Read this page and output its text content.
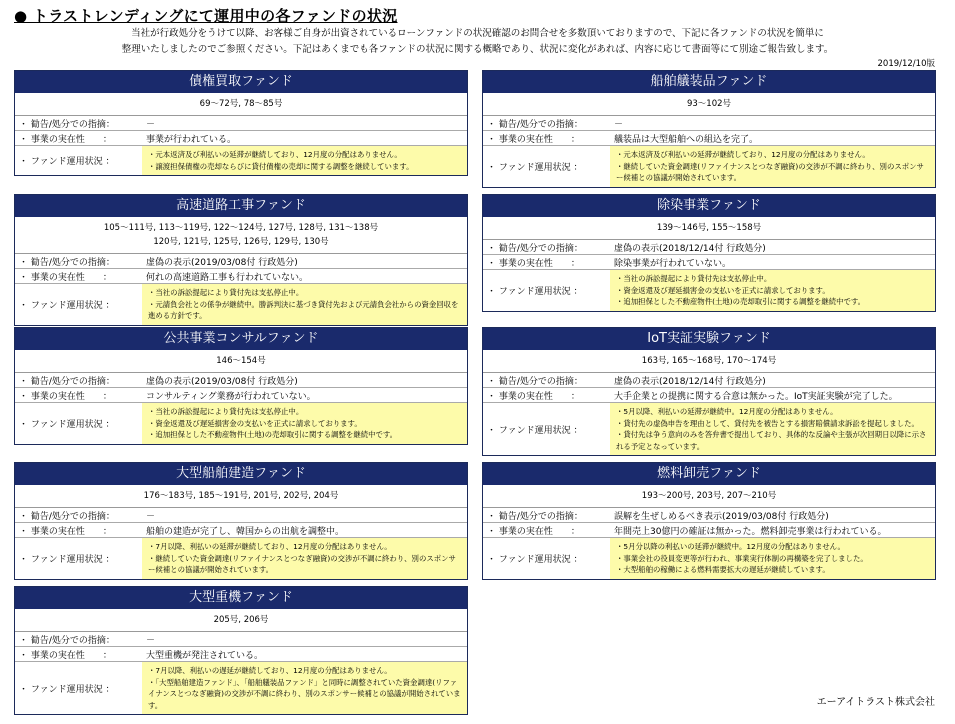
● トラストレンディングにて運用中の各ファンドの状況
当社が行政処分をうけて以降、お客様ご自身が出資されているローンファンドの状況確認のお問合せを多数頂いておりますので、下記に各ファンドの状況を簡単に
整理いたしましたのでご参照ください。下記はあくまでも各ファンドの状況に関する概略であり、状況に変化があれば、内容に応じて書面等にて別途ご報告致します。
2019/12/10版
債権買取ファンド
69～72号, 78～85号
・ 勧告/処分での指摘：	－
・ 事業の実在性　　：	事業が行われている。
・ ファンド運用状況 ：
・元本返済及び利払いの延滞が継続しており、12月度の分配はありません。
・譲渡担保債権の売却ならびに貸付債権の売却に関する調整を継続しています。
船舶艤装品ファンド
93～102号
・ 勧告/処分での指摘：	－
・ 事業の実在性　　：	艤装品は大型船舶への組込を完了。
・ ファンド運用状況 ：
・元本返済及び利払いの延滞が継続しており、12月度の分配はありません。
・継続していた資金調達(リファイナンスとつなぎ融資)の交渉が不調に終わり、別のスポンサー候補との協議が開始されています。
高速道路工事ファンド
105～111号, 113～119号, 122～124号, 127号, 128号, 131～138号
120号, 121号, 125号, 126号, 129号, 130号
・ 勧告/処分での指摘：	虚偽の表示(2019/03/08付 行政処分)
・ 事業の実在性　　：	何れの高速道路工事も行われていない。
・ ファンド運用状況 ：
・当社の訴訟提起により貸付先は支払停止中。
・元請負会社との係争が継続中。勝訴判決に基づき貸付先および元請負会社からの資金回収を進める方針です。
除染事業ファンド
139～146号, 155～158号
・ 勧告/処分での指摘：	虚偽の表示(2018/12/14付 行政処分)
・ 事業の実在性　　：	除染事業が行われていない。
・ ファンド運用状況 ：
・当社の訴訟提起により貸付先は支払停止中。
・資金返還及び遅延損害金の支払いを正式に請求しております。
・追加担保とした不動産物件(土地)の売却取引に関する調整を継続中です。
公共事業コンサルファンド
146～154号
・ 勧告/処分での指摘：	虚偽の表示(2019/03/08付 行政処分)
・ 事業の実在性　　：	コンサルティング業務が行われていない。
・ ファンド運用状況 ：
・当社の訴訟提起により貸付先は支払停止中。
・資金返還及び遅延損害金の支払いを正式に請求しております。
・追加担保とした不動産物件(土地)の売却取引に関する調整を継続中です。
IoT実証実験ファンド
163号, 165～168号, 170～174号
・ 勧告/処分での指摘：	虚偽の表示(2018/12/14付 行政処分)
・ 事業の実在性　　：	大手企業との提携に関する合意は無かった。IoT実証実験が完了した。
・ ファンド運用状況 ：
・5月以降、利払いの延滞が継続中。12月度の分配はありません。
・貸付先の虚偽申告を理由として、貸付先を被告とする損害賠償請求訴訟を提起しました。
・貸付先は争う意向のみを答弁書で提出しており、具体的な反論や主張が次回期日以降に示される予定となっています。
大型船舶建造ファンド
176～183号, 185～191号, 201号, 202号, 204号
・ 勧告/処分での指摘：	－
・ 事業の実在性　　：	船舶の建造が完了し、韓国からの出航を調整中。
・ ファンド運用状況 ：
・7月以降、利払いの延滞が継続しており、12月度の分配はありません。
・継続していた資金調達(リファイナンスとつなぎ融資)の交渉が不調に終わり、別のスポンサー候補との協議が開始されています。
燃料卸売ファンド
193～200号, 203号, 207～210号
・ 勧告/処分での指摘：	誤解を生ぜしめるべき表示(2019/03/08付 行政処分)
・ 事業の実在性　　：	年間売上30億円の確証は無かった。燃料卸売事業は行われている。
・ ファンド運用状況 ：
・5月分以降の利払いの延滞が継続中。12月度の分配はありません。
・事業会社の役員変更等が行われ、事業実行体制の再構築を完了しました。
・大型船舶の稼働による燃料需要拡大の遅延が継続しています。
大型重機ファンド
205号, 206号
・ 勧告/処分での指摘：	－
・ 事業の実在性　　：	大型重機が発注されている。
・ ファンド運用状況 ：
・7月以降、利払いの遅延が継続しており、12月度の分配はありません。
・「大型船舶建造ファンド」、「船舶艤装品ファンド」と同時に調整されていた資金調達(リファイナンスとつなぎ融資)の交渉が不調に終わり、別のスポンサー候補との協議が開始されています。	エーアイトラスト株式会社
